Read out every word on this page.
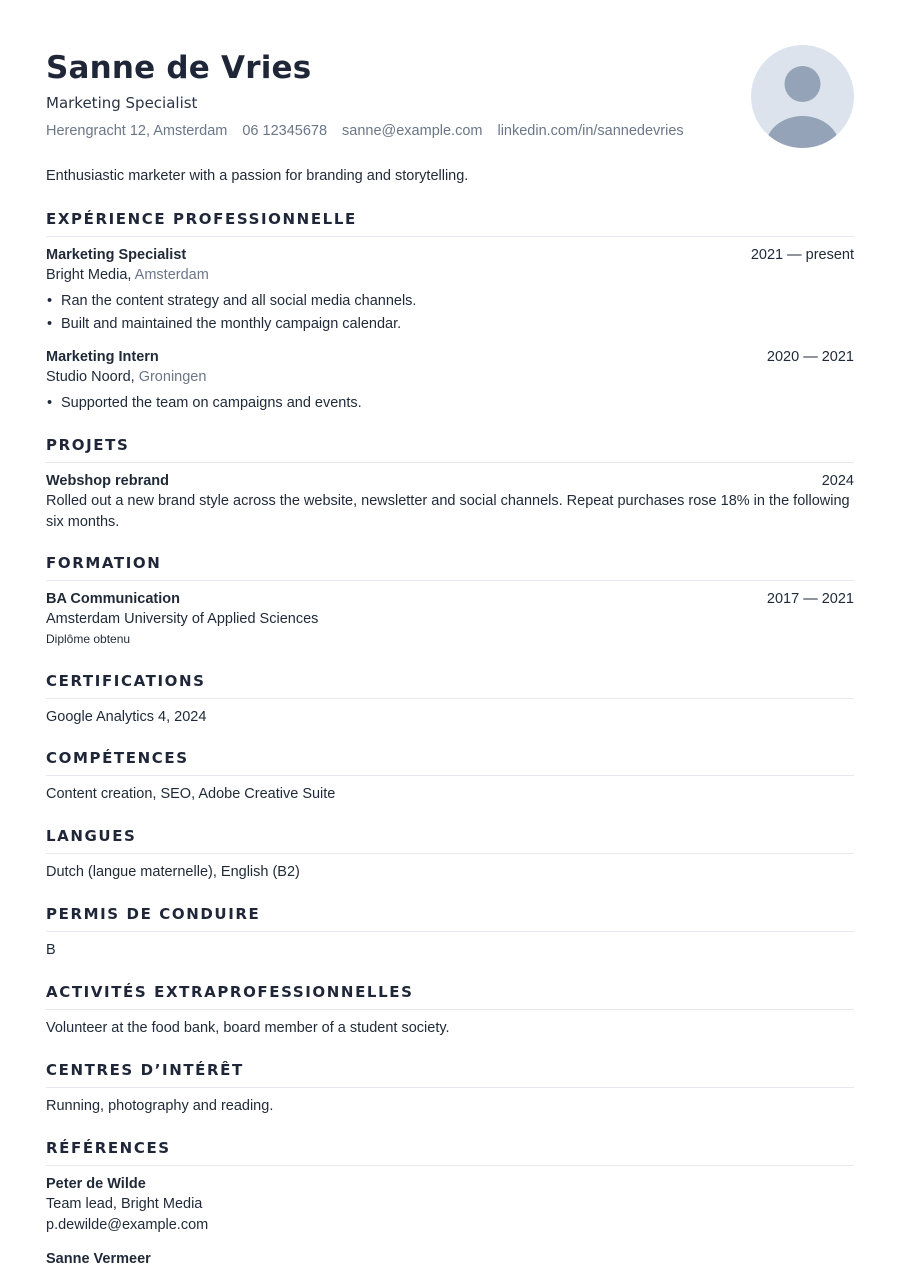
Sanne de Vries
Marketing Specialist
Herengracht 12, Amsterdam 06 12345678 sanne@example.com linkedin.com/in/sannedevries
Enthusiastic marketer with a passion for branding and storytelling.
EXPÉRIENCE PROFESSIONNELLE
Marketing Specialist	2021 — present
Bright Media, Amsterdam
• Ran the content strategy and all social media channels.
• Built and maintained the monthly campaign calendar.
Marketing Intern	2020 — 2021
Studio Noord, Groningen
• Supported the team on campaigns and events.
PROJETS
Webshop rebrand	2024
Rolled out a new brand style across the website, newsletter and social channels. Repeat purchases rose 18% in the following six months.
FORMATION
BA Communication	2017 — 2021
Amsterdam University of Applied Sciences
Diplôme obtenu
CERTIFICATIONS
Google Analytics 4, 2024
COMPÉTENCES
Content creation, SEO, Adobe Creative Suite
LANGUES
Dutch (langue maternelle), English (B2)
PERMIS DE CONDUIRE
B
ACTIVITÉS EXTRAPROFESSIONNELLES
Volunteer at the food bank, board member of a student society.
CENTRES D’INTÉRÊT
Running, photography and reading.
RÉFÉRENCES
Peter de Wilde
Team lead, Bright Media
p.dewilde@example.com
Sanne Vermeer
